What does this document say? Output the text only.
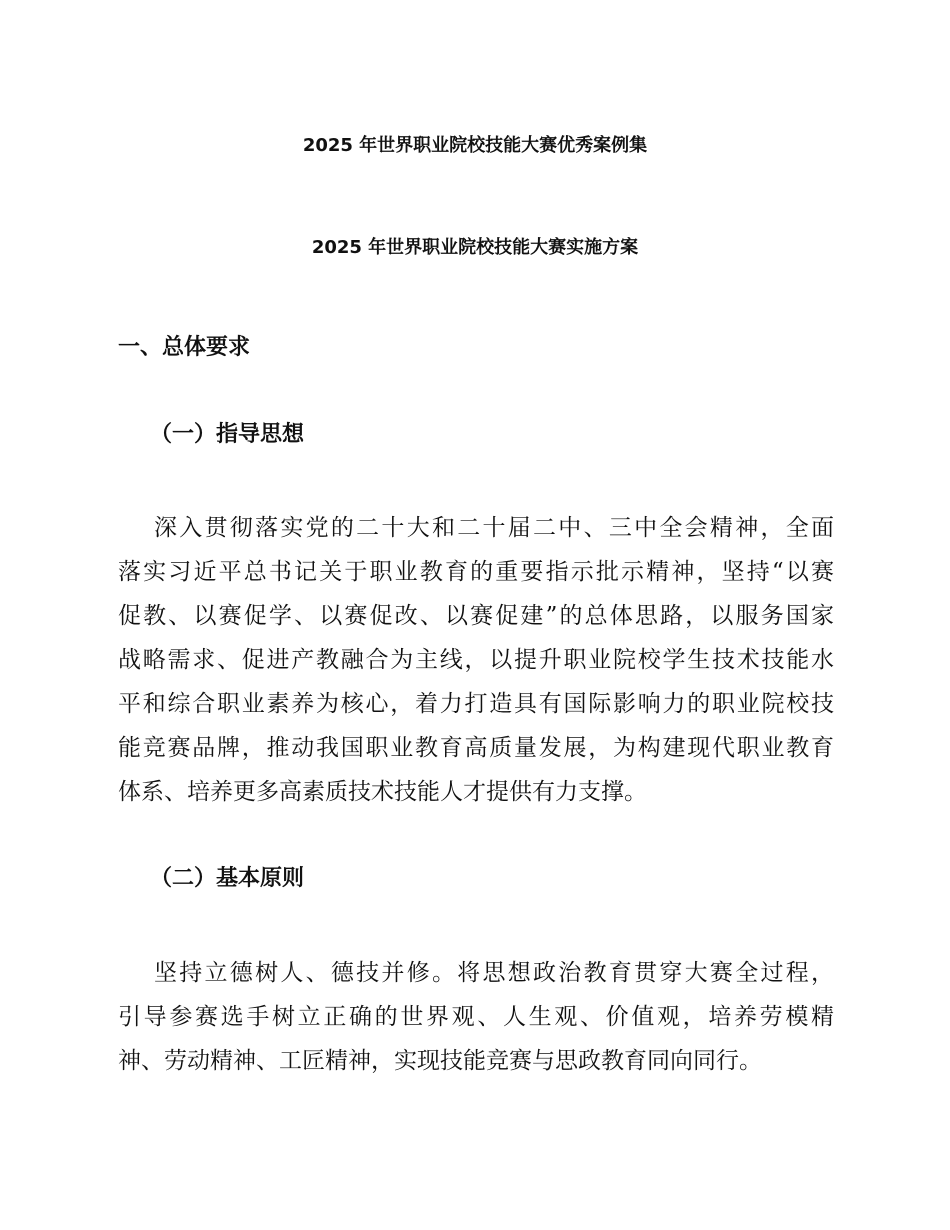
2025 年世界职业院校技能大赛优秀案例集
2025 年世界职业院校技能大赛实施方案
一、总体要求
（一）指导思想
深入贯彻落实党的二十大和二十届二中、三中全会精神，全面
落实习近平总书记关于职业教育的重要指示批示精神，坚持“以赛
促教、以赛促学、以赛促改、以赛促建”的总体思路，以服务国家
战略需求、促进产教融合为主线，以提升职业院校学生技术技能水
平和综合职业素养为核心，着力打造具有国际影响力的职业院校技
能竞赛品牌，推动我国职业教育高质量发展，为构建现代职业教育
体系、培养更多高素质技术技能人才提供有力支撑。
（二）基本原则
坚持立德树人、德技并修。将思想政治教育贯穿大赛全过程，
引导参赛选手树立正确的世界观、人生观、价值观，培养劳模精
神、劳动精神、工匠精神，实现技能竞赛与思政教育同向同行。
